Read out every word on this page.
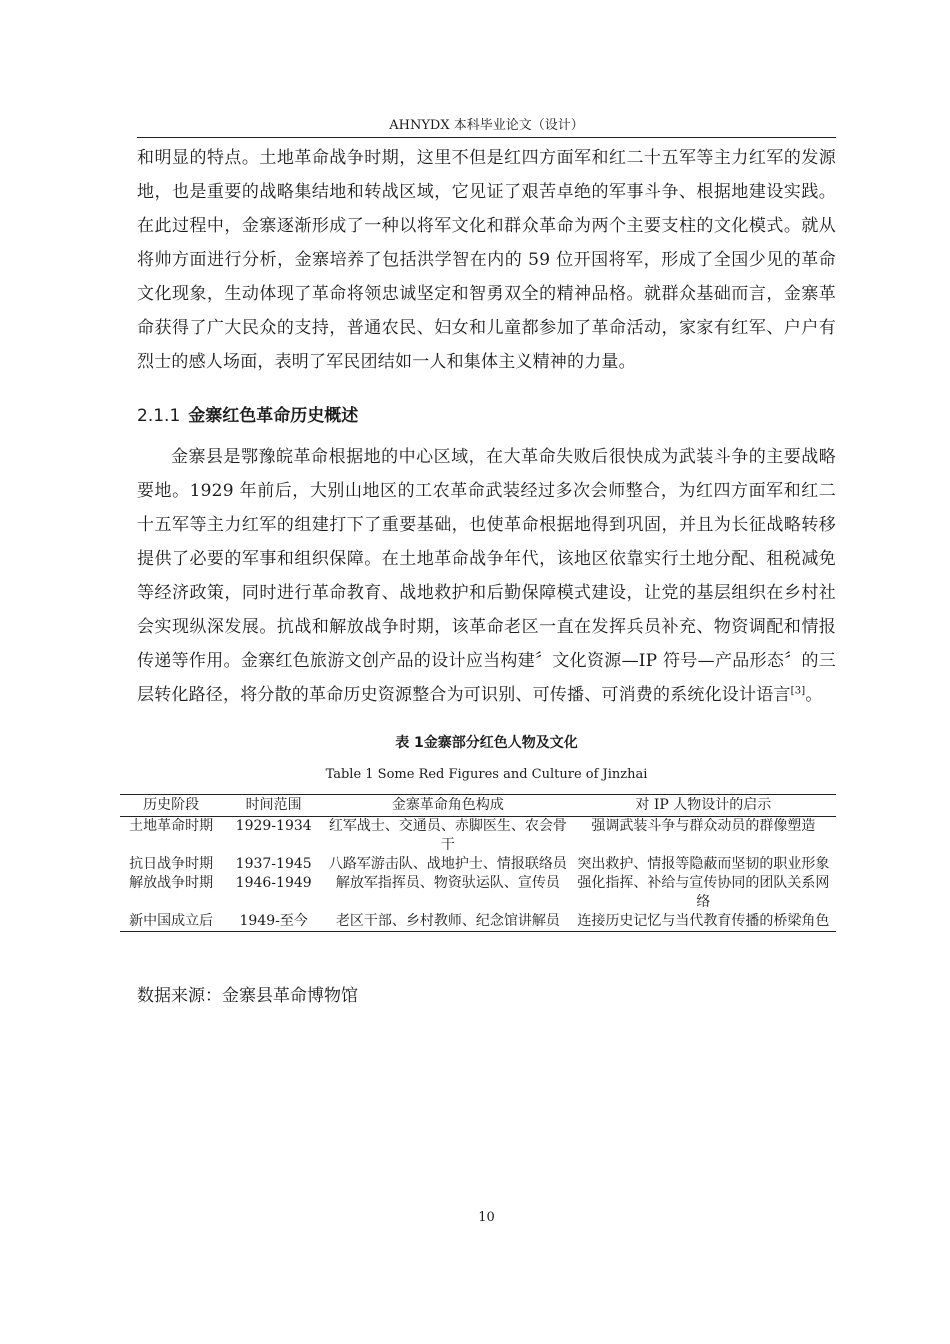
AHNYDX 本科毕业论文（设计）

和明显的特点。土地革命战争时期，这里不但是红四方面军和红二十五军等主力红军的发源地，也是重要的战略集结地和转战区域，它见证了艰苦卓绝的军事斗争、根据地建设实践。在此过程中，金寨逐渐形成了一种以将军文化和群众革命为两个主要支柱的文化模式。就从将帅方面进行分析，金寨培养了包括洪学智在内的 59 位开国将军，形成了全国少见的革命文化现象，生动体现了革命将领忠诚坚定和智勇双全的精神品格。就群众基础而言，金寨革命获得了广大民众的支持，普通农民、妇女和儿童都参加了革命活动，家家有红军、户户有烈士的感人场面，表明了军民团结如一人和集体主义精神的力量。

2.1.1 金寨红色革命历史概述

金寨县是鄂豫皖革命根据地的中心区域，在大革命失败后很快成为武装斗争的主要战略要地。1929 年前后，大别山地区的工农革命武装经过多次会师整合，为红四方面军和红二十五军等主力红军的组建打下了重要基础，也使革命根据地得到巩固，并且为长征战略转移提供了必要的军事和组织保障。在土地革命战争年代，该地区依靠实行土地分配、租税减免等经济政策，同时进行革命教育、战地救护和后勤保障模式建设，让党的基层组织在乡村社会实现纵深发展。抗战和解放战争时期，该革命老区一直在发挥兵员补充、物资调配和情报传递等作用。金寨红色旅游文创产品的设计应当构建〞文化资源—IP 符号—产品形态〞的三层转化路径，将分散的革命历史资源整合为可识别、可传播、可消费的系统化设计语言[3]。

表 1金寨部分红色人物及文化
Table 1 Some Red Figures and Culture of Jinzhai
历史阶段	时间范围	金寨革命角色构成	对 IP 人物设计的启示
土地革命时期	1929-1934	红军战士、交通员、赤脚医生、农会骨干	强调武装斗争与群众动员的群像塑造
抗日战争时期	1937-1945	八路军游击队、战地护士、情报联络员	突出救护、情报等隐蔽而坚韧的职业形象
解放战争时期	1946-1949	解放军指挥员、物资驮运队、宣传员	强化指挥、补给与宣传协同的团队关系网络
新中国成立后	1949-至今	老区干部、乡村教师、纪念馆讲解员	连接历史记忆与当代教育传播的桥梁角色

数据来源：金寨县革命博物馆

10
